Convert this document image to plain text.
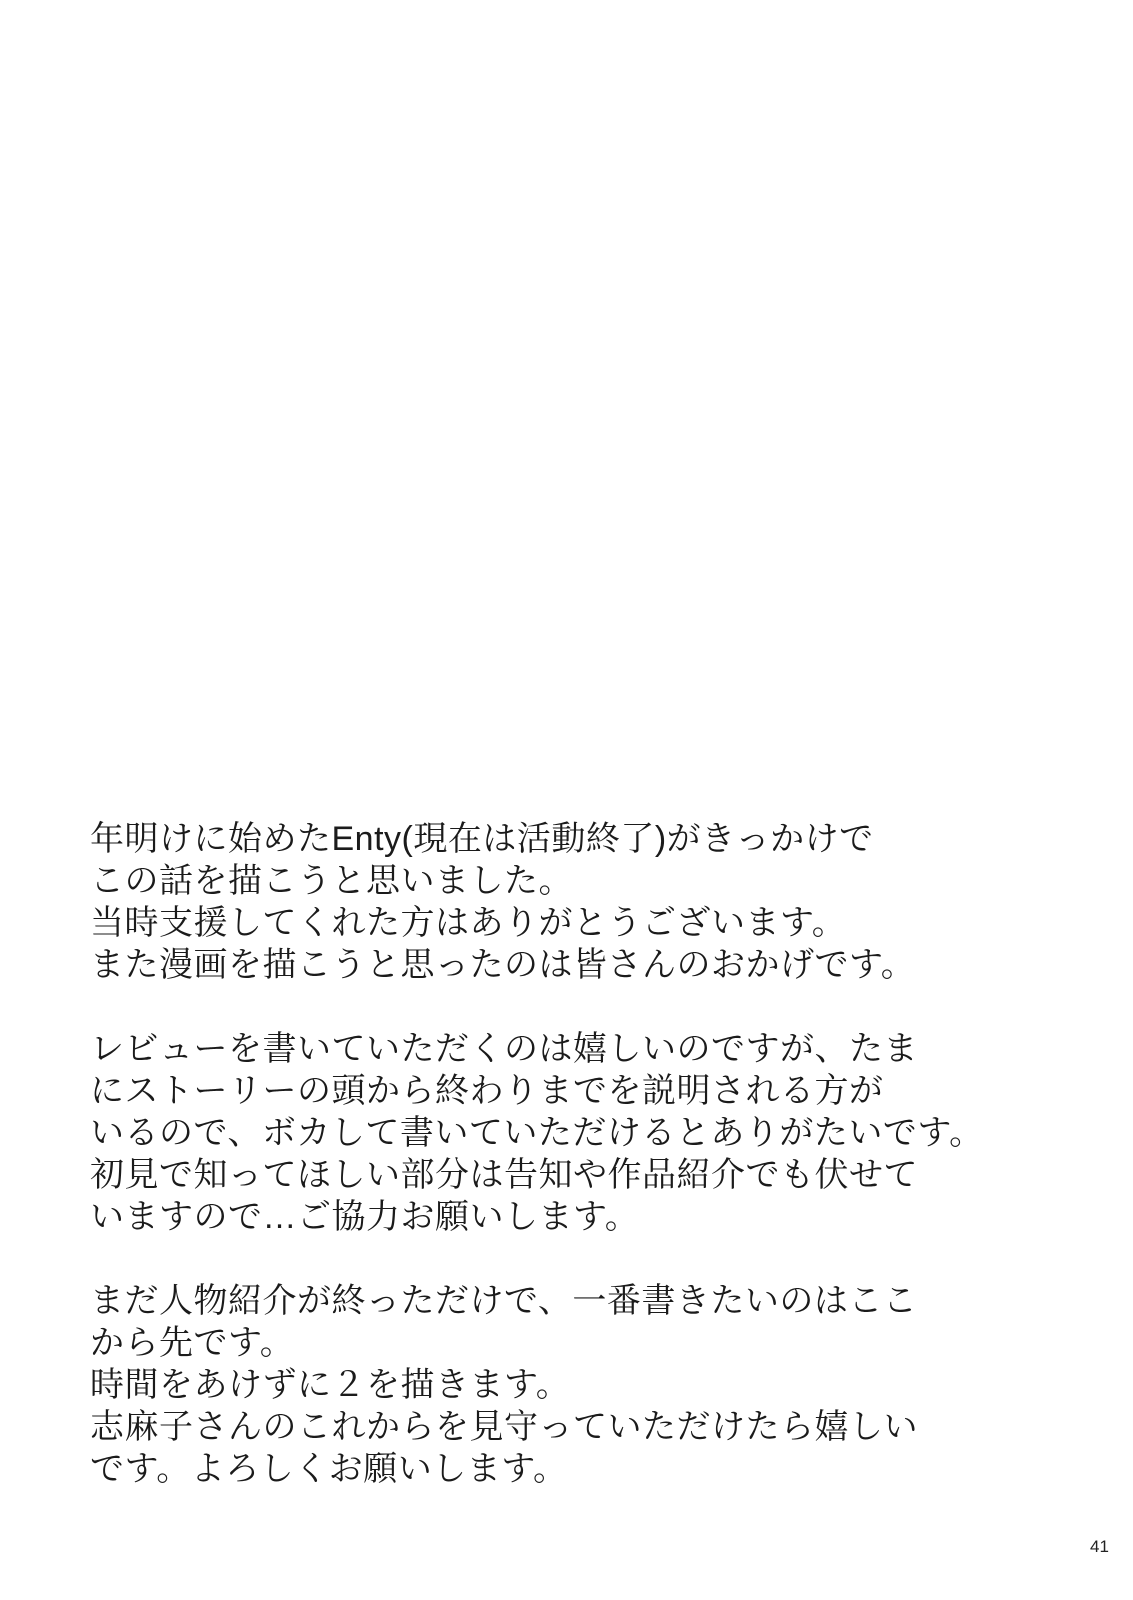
年明けに始めたEnty(現在は活動終了)がきっかけで
この話を描こうと思いました。
当時支援してくれた方はありがとうございます。
また漫画を描こうと思ったのは皆さんのおかげです。

レビューを書いていただくのは嬉しいのですが、たま
にストーリーの頭から終わりまでを説明される方が
いるので、ボカして書いていただけるとありがたいです。
初見で知ってほしい部分は告知や作品紹介でも伏せて
いますので…ご協力お願いします。

まだ人物紹介が終っただけで、一番書きたいのはここ
から先です。
時間をあけずに２を描きます。
志麻子さんのこれからを見守っていただけたら嬉しい
です。よろしくお願いします。

41
